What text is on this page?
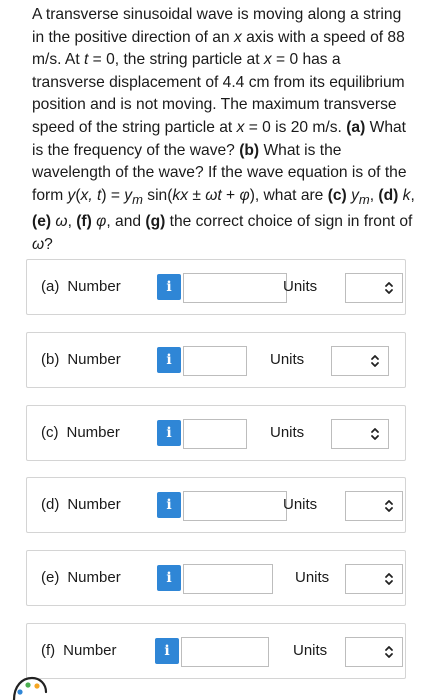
A transverse sinusoidal wave is moving along a string in the positive direction of an x axis with a speed of 88 m/s. At t = 0, the string particle at x = 0 has a transverse displacement of 4.4 cm from its equilibrium position and is not moving. The maximum transverse speed of the string particle at x = 0 is 20 m/s. (a) What is the frequency of the wave? (b) What is the wavelength of the wave? If the wave equation is of the form y(x, $t) = y_m$ sin(kx ± ωt + φ), what are (c) $y_m$, (d) k, (e) ω, (f) φ, and (g) the correct choice of sign in front of ω?

(a) Number	i	Units
(b) Number	i	Units
(c) Number	i	Units
(d) Number	i	Units
(e) Number	i	Units
(f) Number	i	Units
